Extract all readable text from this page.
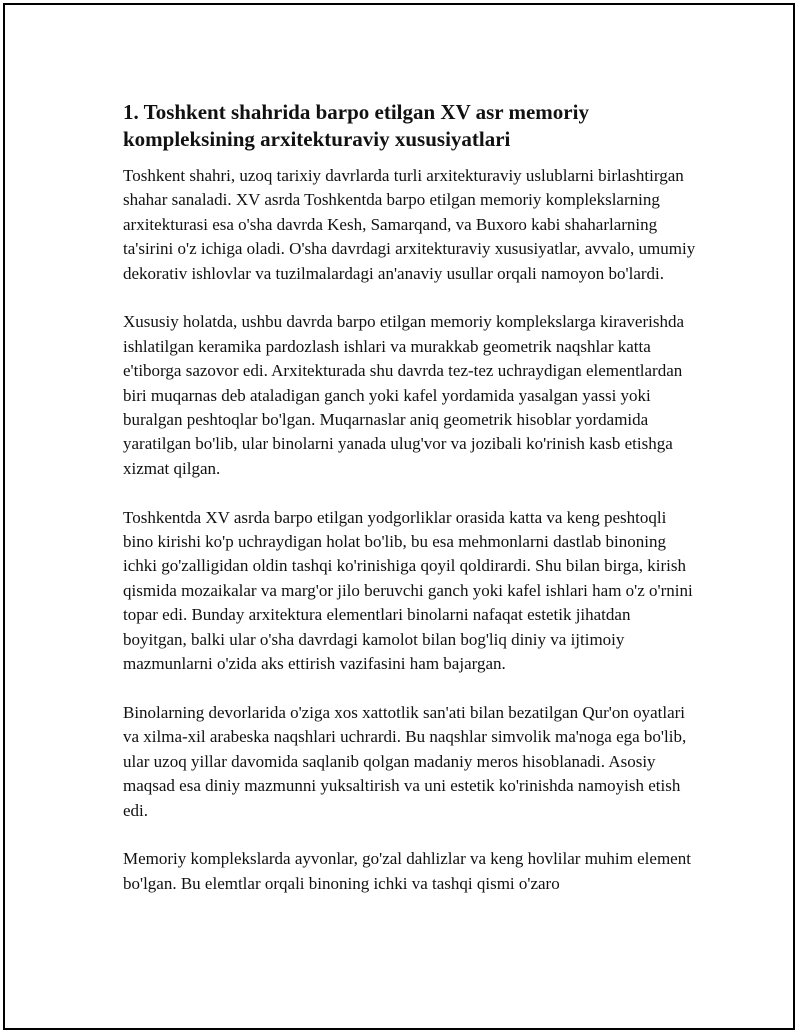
1. Toshkent shahrida barpo etilgan XV asr memoriy kompleksining arxitekturaviy xususiyatlari

Toshkent shahri, uzoq tarixiy davrlarda turli arxitekturaviy uslublarni birlashtirgan shahar sanaladi. XV asrda Toshkentda barpo etilgan memoriy komplekslarning arxitekturasi esa o'sha davrda Kesh, Samarqand, va Buxoro kabi shaharlarning ta'sirini o'z ichiga oladi. O'sha davrdagi arxitekturaviy xususiyatlar, avvalo, umumiy dekorativ ishlovlar va tuzilmalardagi an'anaviy usullar orqali namoyon bo'lardi.

Xususiy holatda, ushbu davrda barpo etilgan memoriy komplekslarga kiraverishda ishlatilgan keramika pardozlash ishlari va murakkab geometrik naqshlar katta e'tiborga sazovor edi. Arxitekturada shu davrda tez-tez uchraydigan elementlardan biri muqarnas deb ataladigan ganch yoki kafel yordamida yasalgan yassi yoki buralgan peshtoqlar bo'lgan. Muqarnaslar aniq geometrik hisoblar yordamida yaratilgan bo'lib, ular binolarni yanada ulug'vor va jozibali ko'rinish kasb etishga xizmat qilgan.

Toshkentda XV asrda barpo etilgan yodgorliklar orasida katta va keng peshtoqli bino kirishi ko'p uchraydigan holat bo'lib, bu esa mehmonlarni dastlab binoning ichki go'zalligidan oldin tashqi ko'rinishiga qoyil qoldirardi. Shu bilan birga, kirish qismida mozaikalar va marg'or jilo beruvchi ganch yoki kafel ishlari ham o'z o'rnini topar edi. Bunday arxitektura elementlari binolarni nafaqat estetik jihatdan boyitgan, balki ular o'sha davrdagi kamolot bilan bog'liq diniy va ijtimoiy mazmunlarni o'zida aks ettirish vazifasini ham bajargan.

Binolarning devorlarida o'ziga xos xattotlik san'ati bilan bezatilgan Qur'on oyatlari va xilma-xil arabeska naqshlari uchrardi. Bu naqshlar simvolik ma'noga ega bo'lib, ular uzoq yillar davomida saqlanib qolgan madaniy meros hisoblanadi. Asosiy maqsad esa diniy mazmunni yuksaltirish va uni estetik ko'rinishda namoyish etish edi.

Memoriy komplekslarda ayvonlar, go'zal dahlizlar va keng hovlilar muhim element bo'lgan. Bu elemtlar orqali binoning ichki va tashqi qismi o'zaro
